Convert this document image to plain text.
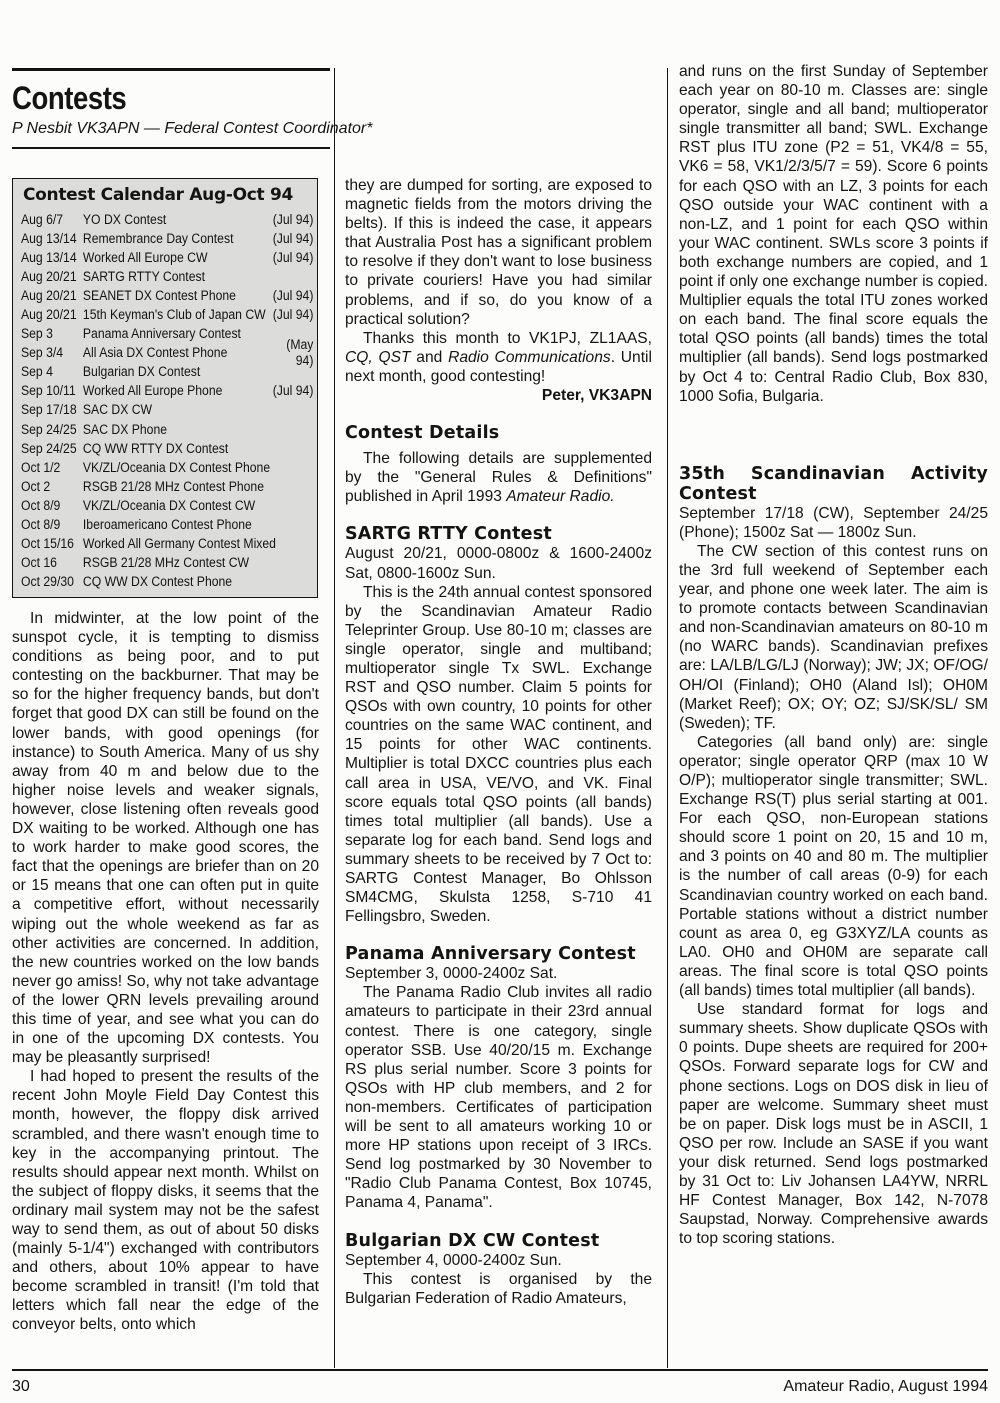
Contests
P Nesbit VK3APN — Federal Contest Coordinator*
Contest Calendar Aug-Oct 94
Aug 6/7	YO DX Contest	(Jul 94)
Aug 13/14 Remembrance Day Contest	(Jul 94)
Aug 13/14 Worked All Europe CW	(Jul 94)
Aug 20/21 SARTG RTTY Contest
Aug 20/21 SEANET DX Contest Phone	(Jul 94)
Aug 20/21 15th Keyman's Club of Japan CW (Jul 94)
Sep 3	Panama Anniversary Contest
Sep 3/4	All Asia DX Contest Phone	(May 94)
Sep 4	Bulgarian DX Contest
Sep 10/11 Worked All Europe Phone	(Jul 94)
Sep 17/18 SAC DX CW
Sep 24/25 SAC DX Phone
Sep 24/25 CQ WW RTTY DX Contest
Oct 1/2	VK/ZL/Oceania DX Contest Phone
Oct 2	RSGB 21/28 MHz Contest Phone
Oct 8/9	VK/ZL/Oceania DX Contest CW
Oct 8/9	Iberoamericano Contest Phone
Oct 15/16 Worked All Germany Contest Mixed
Oct 16	RSGB 21/28 MHz Contest CW
Oct 29/30 CQ WW DX Contest Phone

In midwinter, at the low point of the sunspot cycle, it is tempting to dismiss conditions as being poor, and to put contesting on the backburner. That may be so for the higher frequency bands, but don't forget that good DX can still be found on the lower bands, with good openings (for instance) to South America. Many of us shy away from 40 m and below due to the higher noise levels and weaker signals, however, close listening often reveals good DX waiting to be worked. Although one has to work harder to make good scores, the fact that the openings are briefer than on 20 or 15 means that one can often put in quite a competitive effort, without necessarily wiping out the whole weekend as far as other activities are concerned. In addition, the new countries worked on the low bands never go amiss! So, why not take advantage of the lower QRN levels prevailing around this time of year, and see what you can do in one of the upcoming DX contests. You may be pleasantly surprised!

I had hoped to present the results of the recent John Moyle Field Day Contest this month, however, the floppy disk arrived scrambled, and there wasn't enough time to key in the accompanying printout. The results should appear next month. Whilst on the subject of floppy disks, it seems that the ordinary mail system may not be the safest way to send them, as out of about 50 disks (mainly 5-1/4") exchanged with contributors and others, about 10% appear to have become scrambled in transit! (I'm told that letters which fall near the edge of the conveyor belts, onto which

they are dumped for sorting, are exposed to magnetic fields from the motors driving the belts). If this is indeed the case, it appears that Australia Post has a significant problem to resolve if they don't want to lose business to private couriers! Have you had similar problems, and if so, do you know of a practical solution?

Thanks this month to VK1PJ, ZL1AAS, CQ, QST and Radio Communications. Until next month, good contesting!

Peter, VK3APN

Contest Details

The following details are supplemented by the "General Rules & Definitions" published in April 1993 Amateur Radio.

SARTG RTTY Contest

August 20/21, 0000-0800z & 1600-2400z Sat, 0800-1600z Sun.

This is the 24th annual contest sponsored by the Scandinavian Amateur Radio Teleprinter Group. Use 80-10 m; classes are single operator, single and multiband; multioperator single Tx SWL. Exchange RST and QSO number. Claim 5 points for QSOs with own country, 10 points for other countries on the same WAC continent, and 15 points for other WAC continents. Multiplier is total DXCC countries plus each call area in USA, VE/VO, and VK. Final score equals total QSO points (all bands) times total multiplier (all bands). Use a separate log for each band. Send logs and summary sheets to be received by 7 Oct to: SARTG Contest Manager, Bo Ohlsson SM4CMG, Skulsta 1258, S-710 41 Fellingsbro, Sweden.

Panama Anniversary Contest

September 3, 0000-2400z Sat.

The Panama Radio Club invites all radio amateurs to participate in their 23rd annual contest. There is one category, single operator SSB. Use 40/20/15 m. Exchange RS plus serial number. Score 3 points for QSOs with HP club members, and 2 for non-members. Certificates of participation will be sent to all amateurs working 10 or more HP stations upon receipt of 3 IRCs. Send log postmarked by 30 November to "Radio Club Panama Contest, Box 10745, Panama 4, Panama".

Bulgarian DX CW Contest

September 4, 0000-2400z Sun.

This contest is organised by the Bulgarian Federation of Radio Amateurs,

and runs on the first Sunday of September each year on 80-10 m. Classes are: single operator, single and all band; multioperator single transmitter all band; SWL. Exchange RST plus ITU zone (P2 = 51, VK4/8 = 55, VK6 = 58, VK1/2/3/5/7 = 59). Score 6 points for each QSO with an LZ, 3 points for each QSO outside your WAC continent with a non-LZ, and 1 point for each QSO within your WAC continent. SWLs score 3 points if both exchange numbers are copied, and 1 point if only one exchange number is copied. Multiplier equals the total ITU zones worked on each band. The final score equals the total QSO points (all bands) times the total multiplier (all bands). Send logs postmarked by Oct 4 to: Central Radio Club, Box 830, 1000 Sofia, Bulgaria.

35th Scandinavian Activity Contest

September 17/18 (CW), September 24/25 (Phone); 1500z Sat — 1800z Sun.

The CW section of this contest runs on the 3rd full weekend of September each year, and phone one week later. The aim is to promote contacts between Scandinavian and non-Scandinavian amateurs on 80-10 m (no WARC bands). Scandinavian prefixes are: LA/LB/LG/LJ (Norway); JW; JX; OF/OG/ OH/OI (Finland); OH0 (Aland Isl); OH0M (Market Reef); OX; OY; OZ; SJ/SK/SL/ SM (Sweden); TF.

Categories (all band only) are: single operator; single operator QRP (max 10 W O/P); multioperator single transmitter; SWL. Exchange RS(T) plus serial starting at 001. For each QSO, non-European stations should score 1 point on 20, 15 and 10 m, and 3 points on 40 and 80 m. The multiplier is the number of call areas (0-9) for each Scandinavian country worked on each band. Portable stations without a district number count as area 0, eg G3XYZ/LA counts as LA0. OH0 and OH0M are separate call areas. The final score is total QSO points (all bands) times total multiplier (all bands).

Use standard format for logs and summary sheets. Show duplicate QSOs with 0 points. Dupe sheets are required for 200+ QSOs. Forward separate logs for CW and phone sections. Logs on DOS disk in lieu of paper are welcome. Summary sheet must be on paper. Disk logs must be in ASCII, 1 QSO per row. Include an SASE if you want your disk returned. Send logs postmarked by 31 Oct to: Liv Johansen LA4YW, NRRL HF Contest Manager, Box 142, N-7078 Saupstad, Norway. Comprehensive awards to top scoring stations.

30	Amateur Radio, August 1994
